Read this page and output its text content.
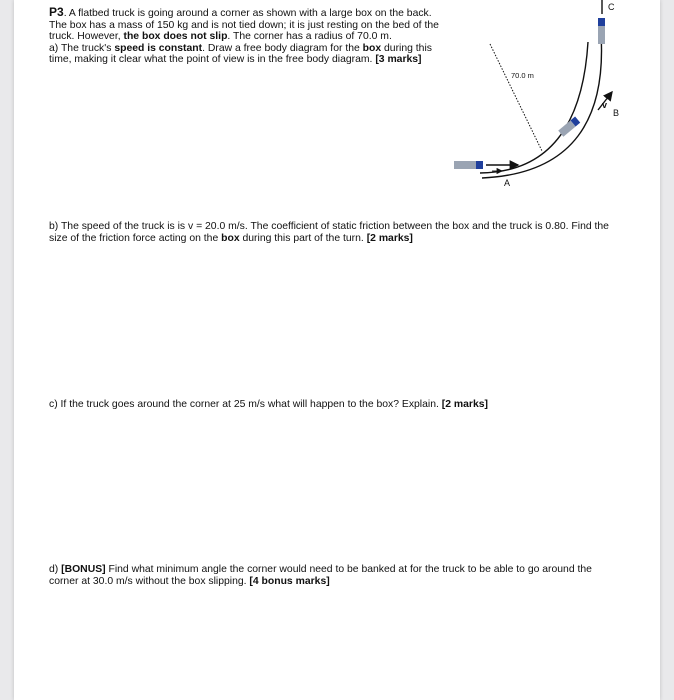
P3. A flatbed truck is going around a corner as shown with a large box on the back. The box has a mass of 150 kg and is not tied down; it is just resting on the bed of the truck. However, the box does not slip. The corner has a radius of 70.0 m.
a) The truck's speed is constant. Draw a free body diagram for the box during this time, making it clear what the point of view is in the free body diagram. [3 marks]
70.0 m
A
v
B
C
b) The speed of the truck is is v = 20.0 m/s. The coefficient of static friction between the box and the truck is 0.80. Find the size of the friction force acting on the box during this part of the turn. [2 marks]
c) If the truck goes around the corner at 25 m/s what will happen to the box? Explain. [2 marks]
d) [BONUS] Find what minimum angle the corner would need to be banked at for the truck to be able to go around the corner at 30.0 m/s without the box slipping. [4 bonus marks]
